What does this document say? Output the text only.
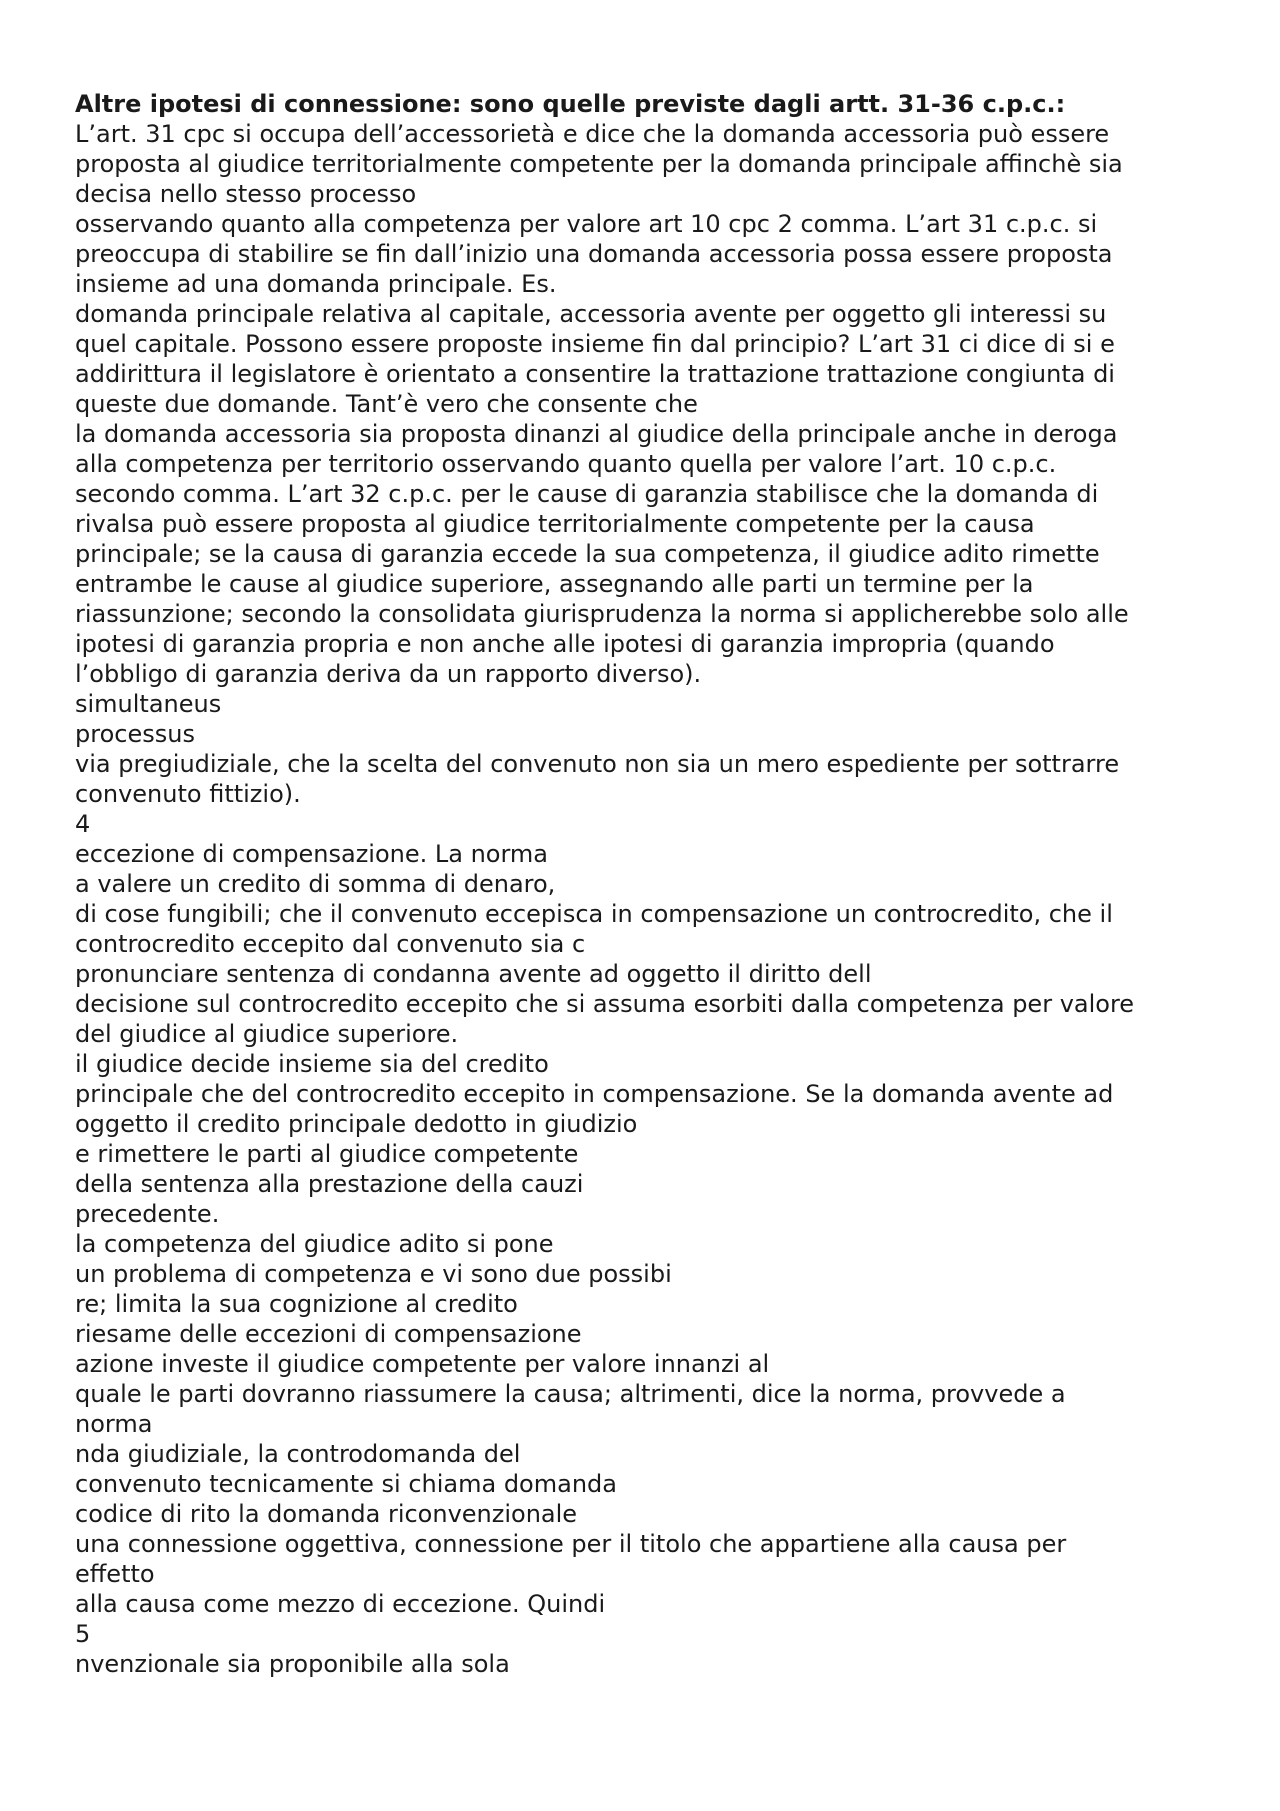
Altre ipotesi di connessione: sono quelle previste dagli artt. 31-36 c.p.c.:
L’art. 31 cpc si occupa dell’accessorietà e dice che la domanda accessoria può essere
proposta al giudice territorialmente competente per la domanda principale affinchè sia
decisa nello stesso processo
osservando quanto alla competenza per valore art 10 cpc 2 comma. L’art 31 c.p.c. si
preoccupa di stabilire se fin dall’inizio una domanda accessoria possa essere proposta
insieme ad una domanda principale. Es.
domanda principale relativa al capitale, accessoria avente per oggetto gli interessi su
quel capitale. Possono essere proposte insieme fin dal principio? L’art 31 ci dice di si e
addirittura il legislatore è orientato a consentire la trattazione trattazione congiunta di
queste due domande. Tant’è vero che consente che
la domanda accessoria sia proposta dinanzi al giudice della principale anche in deroga
alla competenza per territorio osservando quanto quella per valore l’art. 10 c.p.c.
secondo comma. L’art 32 c.p.c. per le cause di garanzia stabilisce che la domanda di
rivalsa può essere proposta al giudice territorialmente competente per la causa
principale; se la causa di garanzia eccede la sua competenza, il giudice adito rimette
entrambe le cause al giudice superiore, assegnando alle parti un termine per la
riassunzione; secondo la consolidata giurisprudenza la norma si applicherebbe solo alle
ipotesi di garanzia propria e non anche alle ipotesi di garanzia impropria (quando
l’obbligo di garanzia deriva da un rapporto diverso).
simultaneus
processus
via pregiudiziale, che la scelta del convenuto non sia un mero espediente per sottrarre
convenuto fittizio).
4
eccezione di compensazione. La norma
a valere un credito di somma di denaro,
di cose fungibili; che il convenuto eccepisca in compensazione un controcredito, che il
controcredito eccepito dal convenuto sia c
pronunciare sentenza di condanna avente ad oggetto il diritto dell
decisione sul controcredito eccepito che si assuma esorbiti dalla competenza per valore
del giudice al giudice superiore.
il giudice decide insieme sia del credito
principale che del controcredito eccepito in compensazione. Se la domanda avente ad
oggetto il credito principale dedotto in giudizio
e rimettere le parti al giudice competente
della sentenza alla prestazione della cauzi
precedente.
la competenza del giudice adito si pone
un problema di competenza e vi sono due possibi
re; limita la sua cognizione al credito
riesame delle eccezioni di compensazione
azione investe il giudice competente per valore innanzi al
quale le parti dovranno riassumere la causa; altrimenti, dice la norma, provvede a
norma
nda giudiziale, la controdomanda del
convenuto tecnicamente si chiama domanda
codice di rito la domanda riconvenzionale
una connessione oggettiva, connessione per il titolo che appartiene alla causa per
effetto
alla causa come mezzo di eccezione. Quindi
5
nvenzionale sia proponibile alla sola
